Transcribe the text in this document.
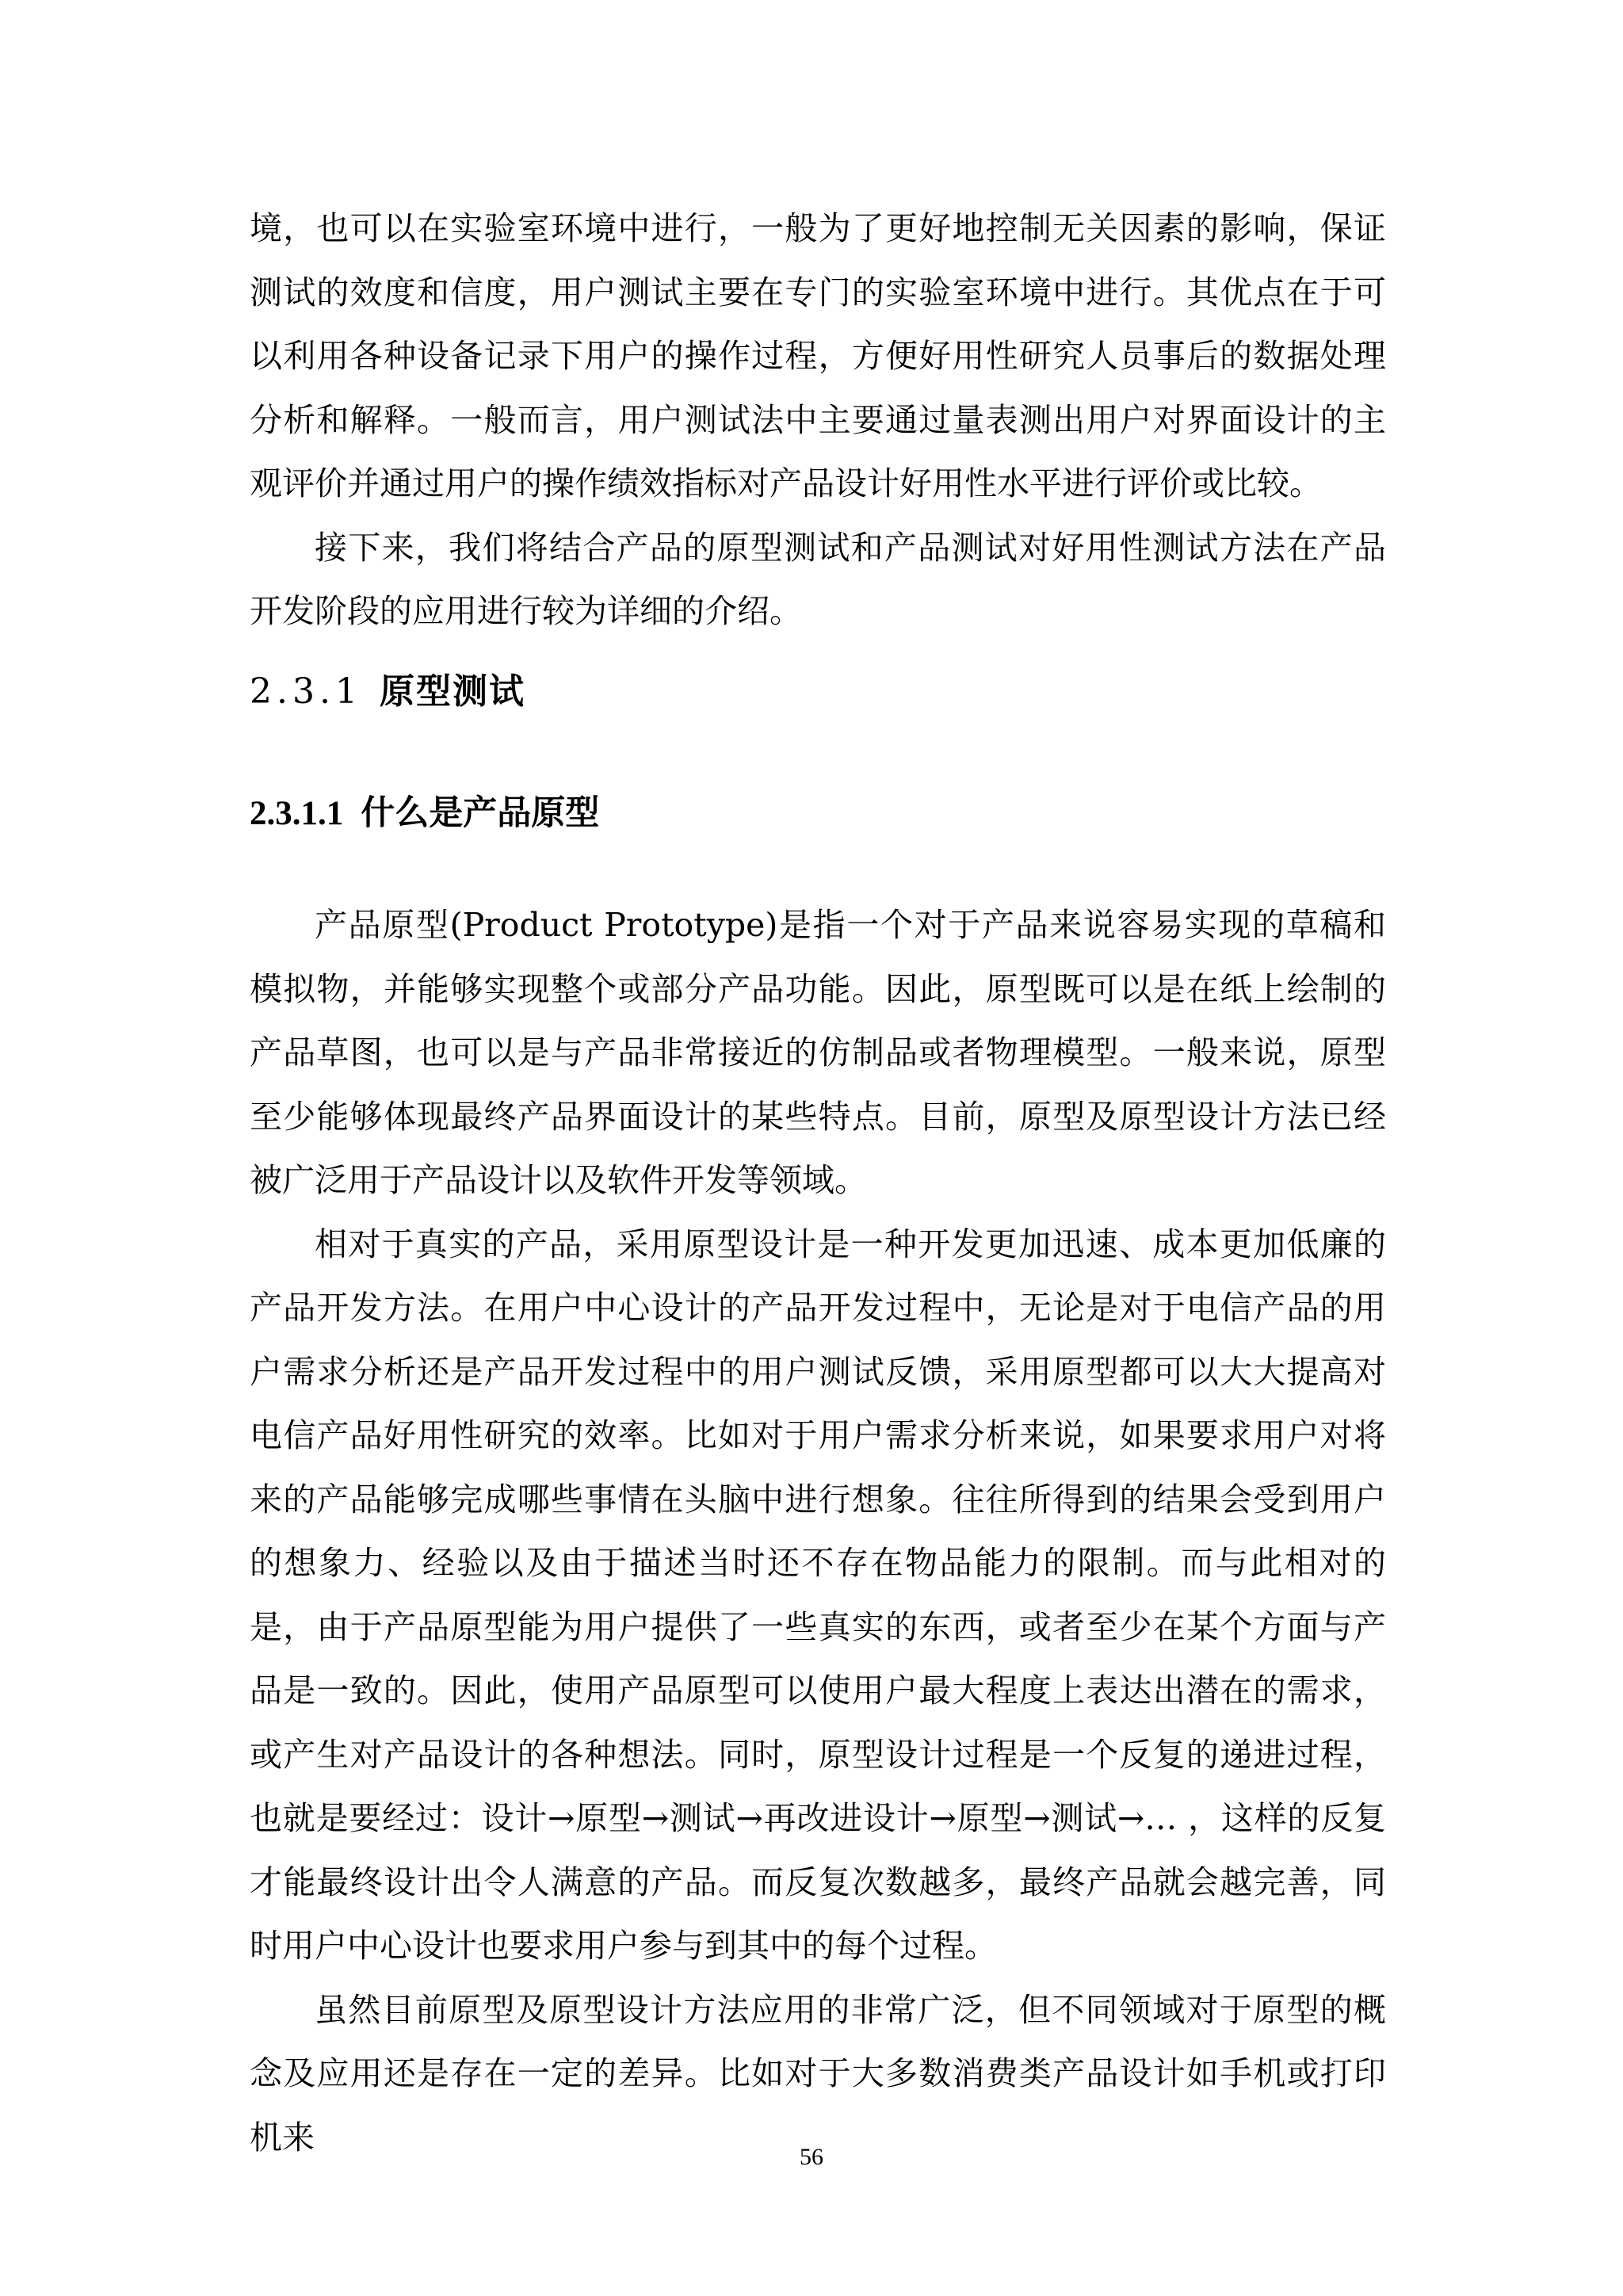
境，也可以在实验室环境中进行，一般为了更好地控制无关因素的影响，保证测试的效度和信度，用户测试主要在专门的实验室环境中进行。其优点在于可以利用各种设备记录下用户的操作过程，方便好用性研究人员事后的数据处理分析和解释。一般而言，用户测试法中主要通过量表测出用户对界面设计的主观评价并通过用户的操作绩效指标对产品设计好用性水平进行评价或比较。

接下来，我们将结合产品的原型测试和产品测试对好用性测试方法在产品开发阶段的应用进行较为详细的介绍。

2.3.1 原型测试
2.3.1.1 什么是产品原型

产品原型(Product Prototype)是指一个对于产品来说容易实现的草稿和模拟物，并能够实现整个或部分产品功能。因此，原型既可以是在纸上绘制的产品草图，也可以是与产品非常接近的仿制品或者物理模型。一般来说，原型至少能够体现最终产品界面设计的某些特点。目前，原型及原型设计方法已经被广泛用于产品设计以及软件开发等领域。

相对于真实的产品，采用原型设计是一种开发更加迅速、成本更加低廉的产品开发方法。在用户中心设计的产品开发过程中，无论是对于电信产品的用户需求分析还是产品开发过程中的用户测试反馈，采用原型都可以大大提高对电信产品好用性研究的效率。比如对于用户需求分析来说，如果要求用户对将来的产品能够完成哪些事情在头脑中进行想象。往往所得到的结果会受到用户的想象力、经验以及由于描述当时还不存在物品能力的限制。而与此相对的是，由于产品原型能为用户提供了一些真实的东西，或者至少在某个方面与产品是一致的。因此，使用产品原型可以使用户最大程度上表达出潜在的需求，或产生对产品设计的各种想法。同时，原型设计过程是一个反复的递进过程，也就是要经过：设计→原型→测试→再改进设计→原型→测试→… ，这样的反复才能最终设计出令人满意的产品。而反复次数越多，最终产品就会越完善，同时用户中心设计也要求用户参与到其中的每个过程。

虽然目前原型及原型设计方法应用的非常广泛，但不同领域对于原型的概念及应用还是存在一定的差异。比如对于大多数消费类产品设计如手机或打印机来

56
